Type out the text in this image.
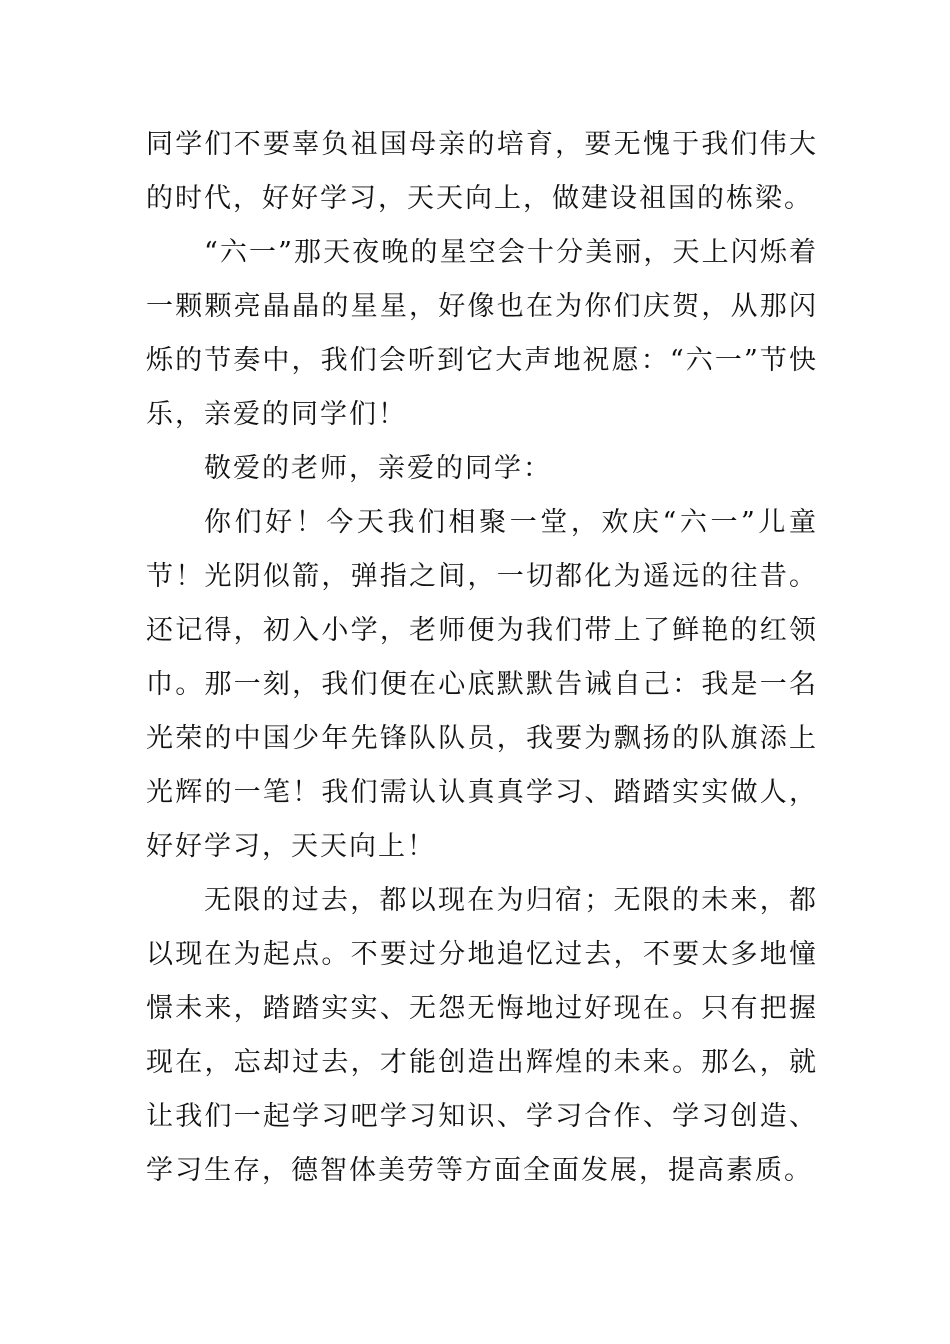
同学们不要辜负祖国母亲的培育，要无愧于我们伟大的时代，好好学习，天天向上，做建设祖国的栋梁。

“六一”那天夜晚的星空会十分美丽，天上闪烁着一颗颗亮晶晶的星星，好像也在为你们庆贺，从那闪烁的节奏中，我们会听到它大声地祝愿：“六一”节快乐，亲爱的同学们！

敬爱的老师，亲爱的同学：

你们好！今天我们相聚一堂，欢庆“六一”儿童节！光阴似箭，弹指之间，一切都化为遥远的往昔。还记得，初入小学，老师便为我们带上了鲜艳的红领巾。那一刻，我们便在心底默默告诫自己：我是一名光荣的中国少年先锋队队员，我要为飘扬的队旗添上光辉的一笔！我们需认认真真学习、踏踏实实做人，好好学习，天天向上！

无限的过去，都以现在为归宿；无限的未来，都以现在为起点。不要过分地追忆过去，不要太多地憧憬未来，踏踏实实、无怨无悔地过好现在。只有把握现在，忘却过去，才能创造出辉煌的未来。那么，就让我们一起学习吧学习知识、学习合作、学习创造、学习生存，德智体美劳等方面全面发展，提高素质。
